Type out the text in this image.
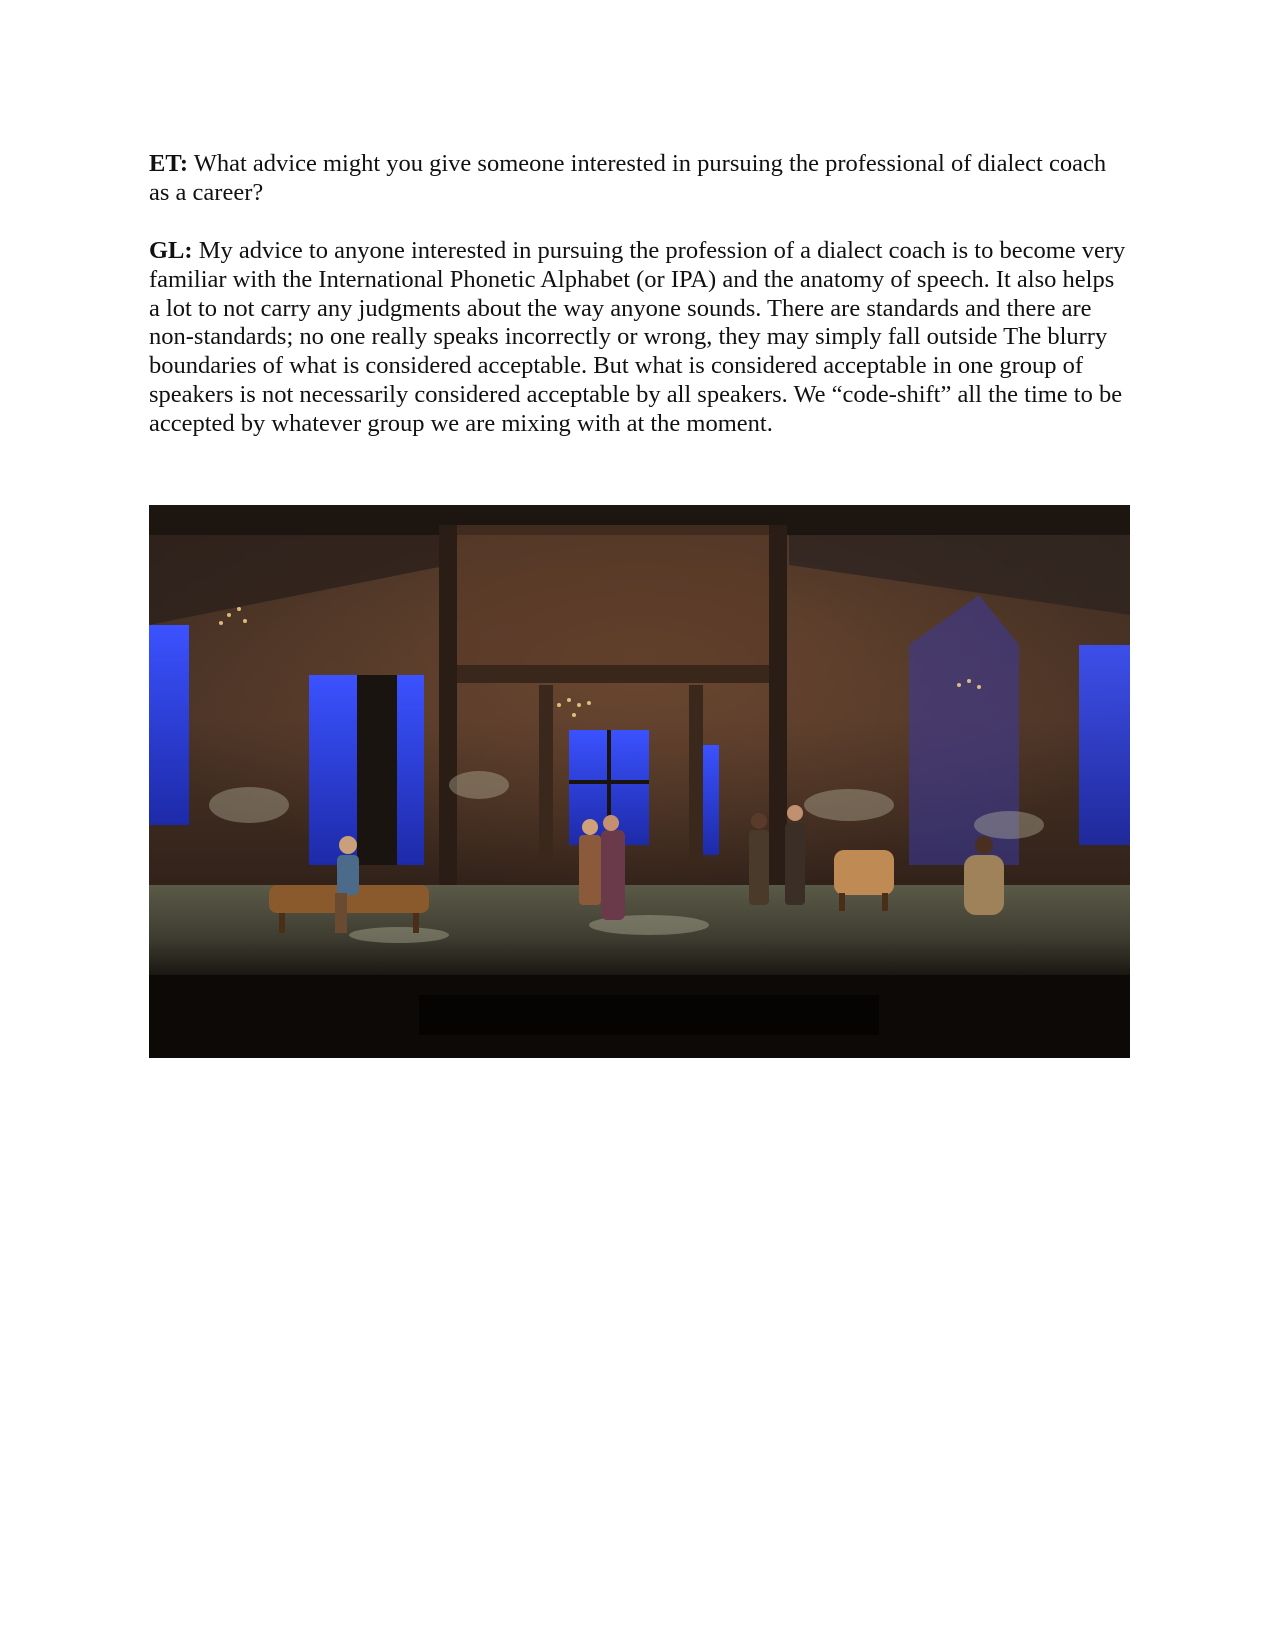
ET: What advice might you give someone interested in pursuing the professional of dialect coach as a career?

GL: My advice to anyone interested in pursuing the profession of a dialect coach is to become very familiar with the International Phonetic Alphabet (or IPA) and the anatomy of speech. It also helps a lot to not carry any judgments about the way anyone sounds. There are standards and there are non-standards; no one really speaks incorrectly or wrong, they may simply fall outside The blurry boundaries of what is considered acceptable. But what is considered acceptable in one group of speakers is not necessarily considered acceptable by all speakers. We “code-shift” all the time to be accepted by whatever group we are mixing with at the moment.
